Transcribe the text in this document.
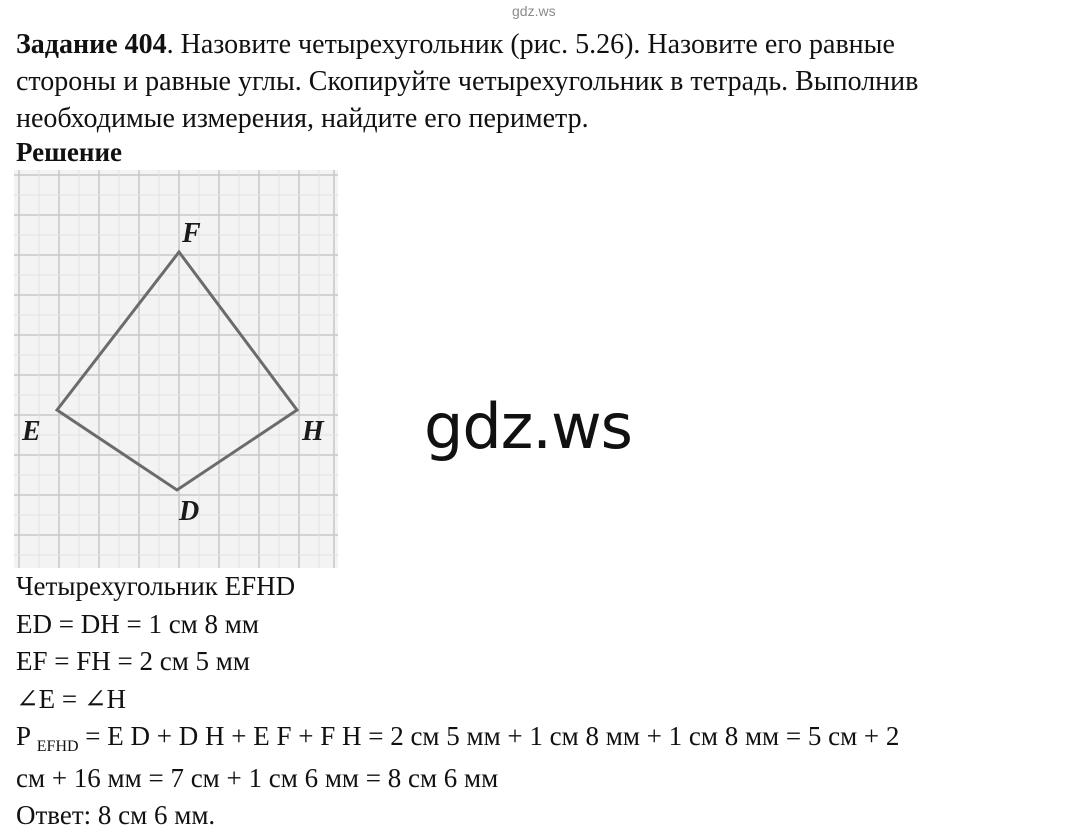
gdz.ws
Задание 404. Назовите четырехугольник (рис. 5.26). Назовите его равные
стороны и равные углы. Скопируйте четырехугольник в тетрадь. Выполнив
необходимые измерения, найдите его периметр.
Решение
F
E	H
D
gdz.ws
Четырехугольник EFHD
ED = DH = 1 см 8 мм
EF = FH = 2 см 5 мм
∠E = ∠H
P $_{EFHD}$ = E D + D H + E F + F H = 2 см 5 мм + 1 см 8 мм + 1 см 8 мм = 5 см + 2
см + 16 мм = 7 см + 1 см 6 мм = 8 см 6 мм
Ответ: 8 см 6 мм.
